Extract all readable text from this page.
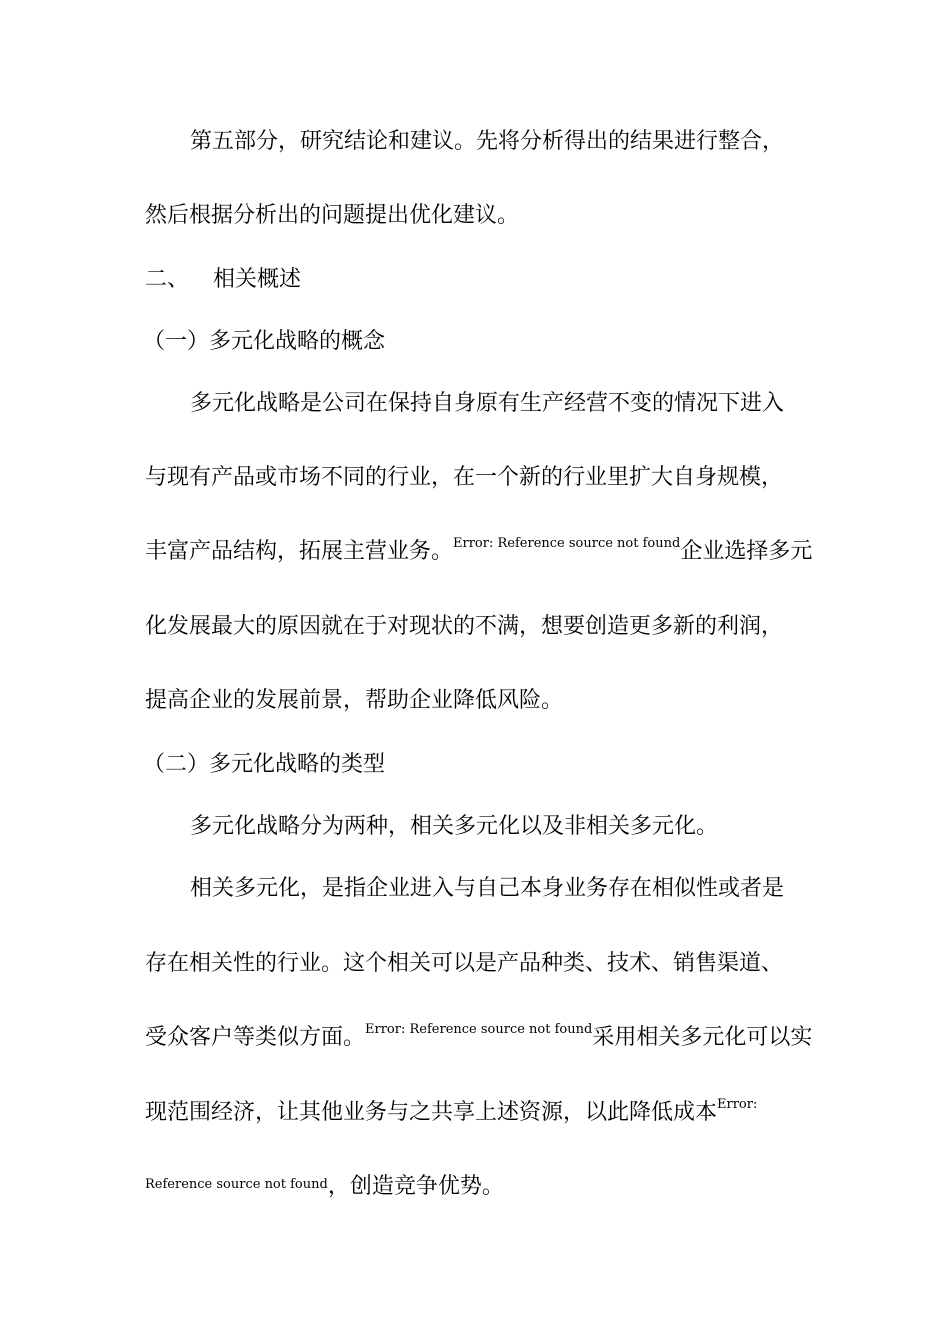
第五部分，研究结论和建议。先将分析得出的结果进行整合，
然后根据分析出的问题提出优化建议。
二、 相关概述
（一）多元化战略的概念
多元化战略是公司在保持自身原有生产经营不变的情况下进入
与现有产品或市场不同的行业，在一个新的行业里扩大自身规模，
丰富产品结构，拓展主营业务。$^{Error: Reference source not found}$企业选择多元
化发展最大的原因就在于对现状的不满，想要创造更多新的利润，
提高企业的发展前景，帮助企业降低风险。
（二）多元化战略的类型
多元化战略分为两种，相关多元化以及非相关多元化。
相关多元化，是指企业进入与自己本身业务存在相似性或者是
存在相关性的行业。这个相关可以是产品种类、技术、销售渠道、
受众客户等类似方面。$^{Error: Reference source not found}$采用相关多元化可以实
现范围经济，让其他业务与之共享上述资源，以此降低成本$^{Error:}$
$^{Reference source not found}$，创造竞争优势。
